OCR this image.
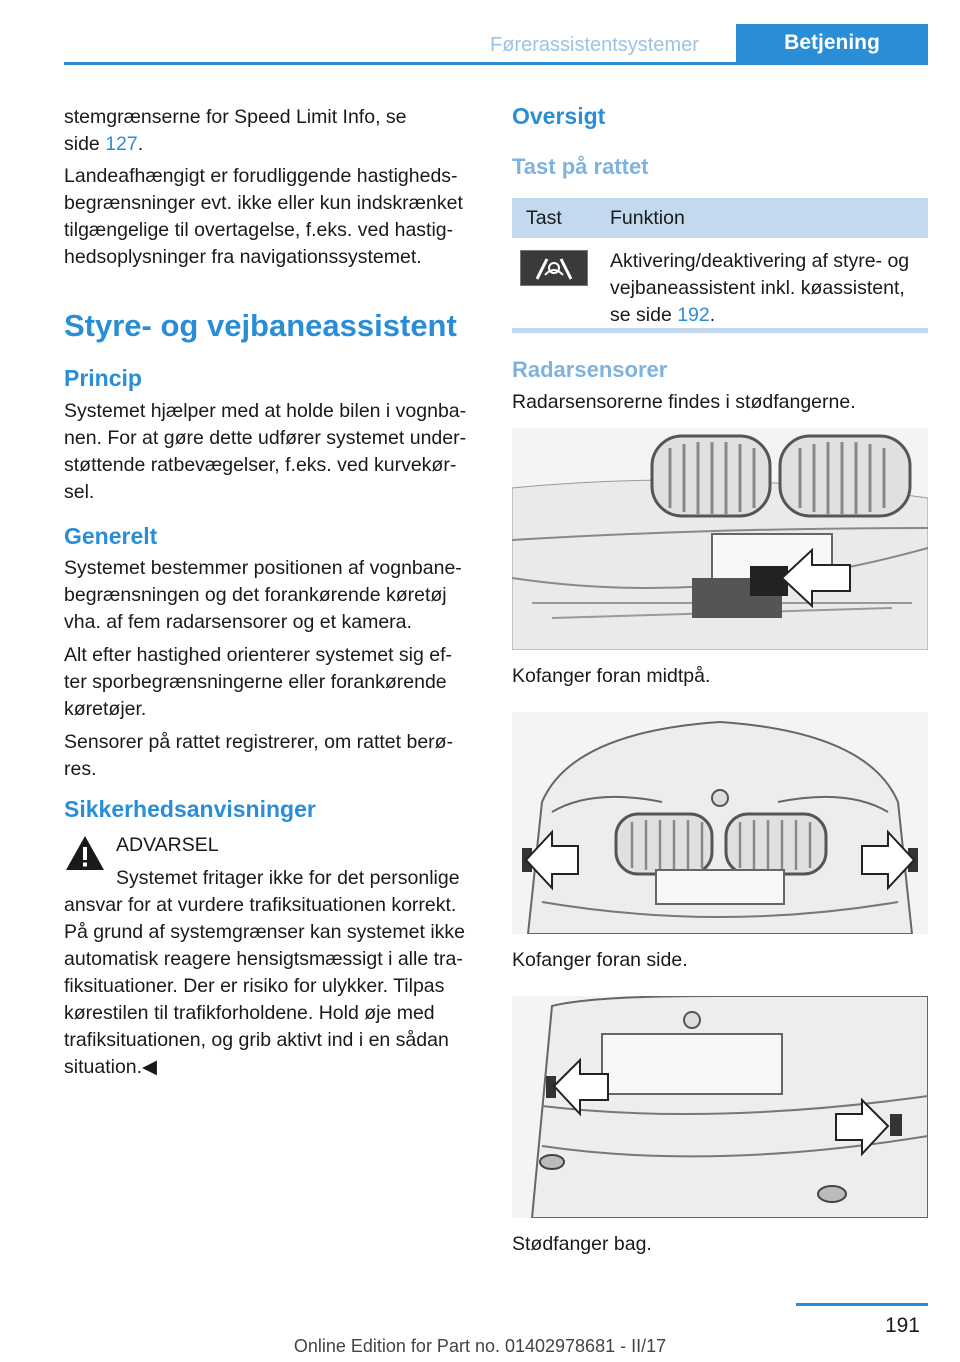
Førerassistentsystemer	Betjening

stemgrænserne for Speed Limit Info, se
side 127.

Landeafhængigt er forudliggende hastigheds-
begrænsninger evt. ikke eller kun indskrænket
tilgængelige til overtagelse, f.eks. ved hastig-
hedsoplysninger fra navigationssystemet.

Styre- og vejbaneassistent
Princip

Systemet hjælper med at holde bilen i vognba-
nen. For at gøre dette udfører systemet under-
støttende ratbevægelser, f.eks. ved kurvekør-
sel.

Generelt

Systemet bestemmer positionen af vognbane-
begrænsningen og det forankørende køretøj
vha. af fem radarsensorer og et kamera.

Alt efter hastighed orienterer systemet sig ef-
ter sporbegrænsningerne eller forankørende
køretøjer.

Sensorer på rattet registrerer, om rattet berø-
res.

Sikkerhedsanvisninger
ADVARSEL

Systemet fritager ikke for det personlige

ansvar for at vurdere trafiksituationen korrekt.
På grund af systemgrænser kan systemet ikke
automatisk reagere hensigtsmæssigt i alle tra-
fiksituationer. Der er risiko for ulykker. Tilpas
kørestilen til trafikforholdene. Hold øje med
trafiksituationen, og grib aktivt ind i en sådan
situation.◀

Oversigt
Tast på rattet
Tast	Funktion

	Aktivering/deaktivering af styre- og
vejbaneassistent inkl. køassistent,
se side 192.
Radarsensorer
Radarsensorerne findes i stødfangerne.
Kofanger foran midtpå.
Kofanger foran side.
Stødfanger bag.
191
Online Edition for Part no. 01402978681 - II/17
